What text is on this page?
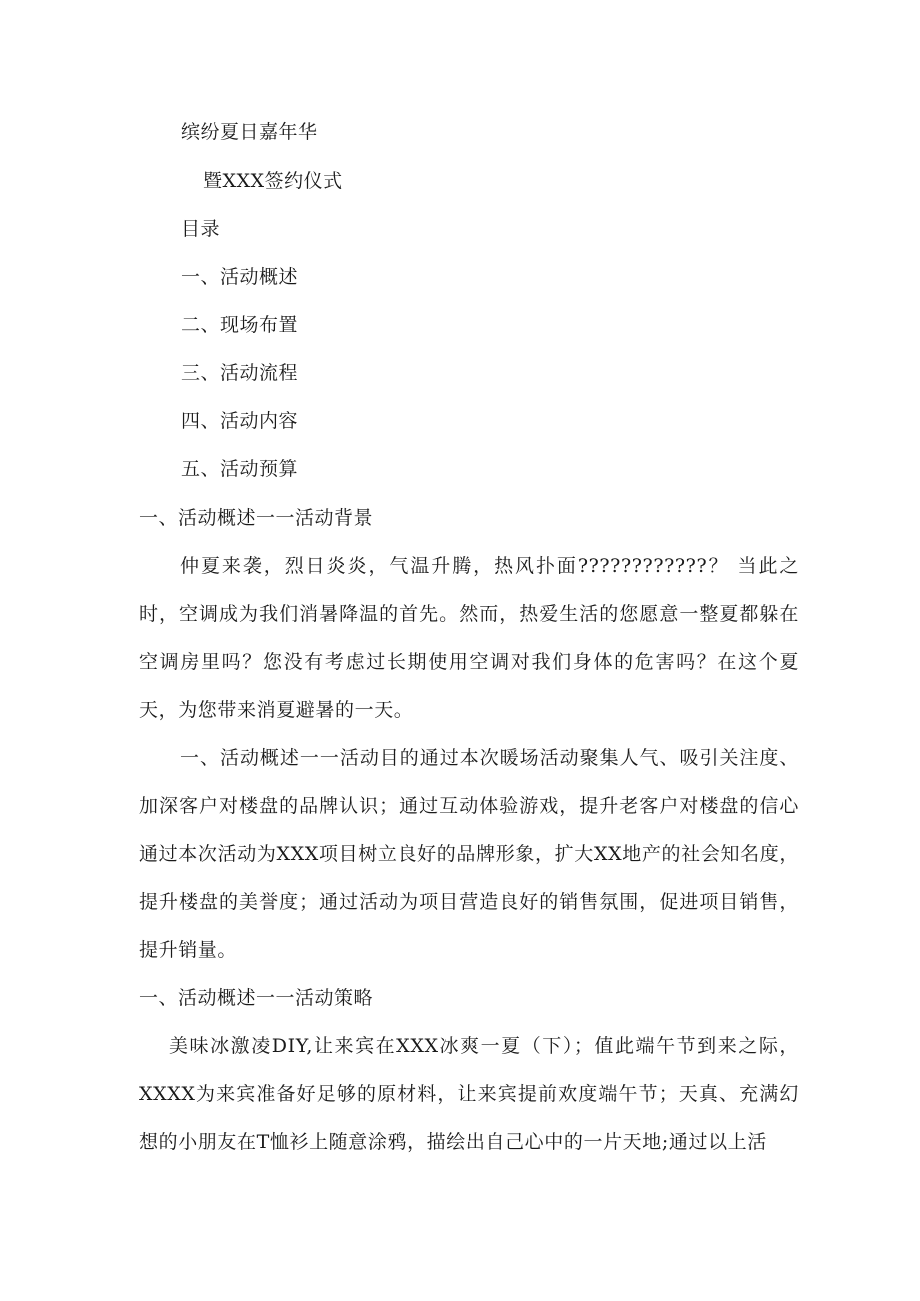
缤纷夏日嘉年华
暨XXX签约仪式
目录
一、活动概述
二、现场布置
三、活动流程
四、活动内容
五、活动预算
一、活动概述一一活动背景

仲夏来袭，烈日炎炎，气温升腾，热风扑面????????????？ 当此之时，空调成为我们消暑降温的首先。然而，热爱生活的您愿意一整夏都躲在空调房里吗？您没有考虑过长期使用空调对我们身体的危害吗？在这个夏天，为您带来消夏避暑的一天。

一、活动概述一一活动目的通过本次暖场活动聚集人气、吸引关注度、加深客户对楼盘的品牌认识；通过互动体验游戏，提升老客户对楼盘的信心通过本次活动为XXX项目树立良好的品牌形象，扩大XX地产的社会知名度，提升楼盘的美誉度；通过活动为项目营造良好的销售氛围，促进项目销售，提升销量。

一、活动概述一一活动策略

美味冰激凌DIY,让来宾在XXX冰爽一夏（下）；值此端午节到来之际，XXXX为来宾准备好足够的原材料，让来宾提前欢度端午节；天真、充满幻想的小朋友在T恤衫上随意涂鸦，描绘出自己心中的一片天地;通过以上活
